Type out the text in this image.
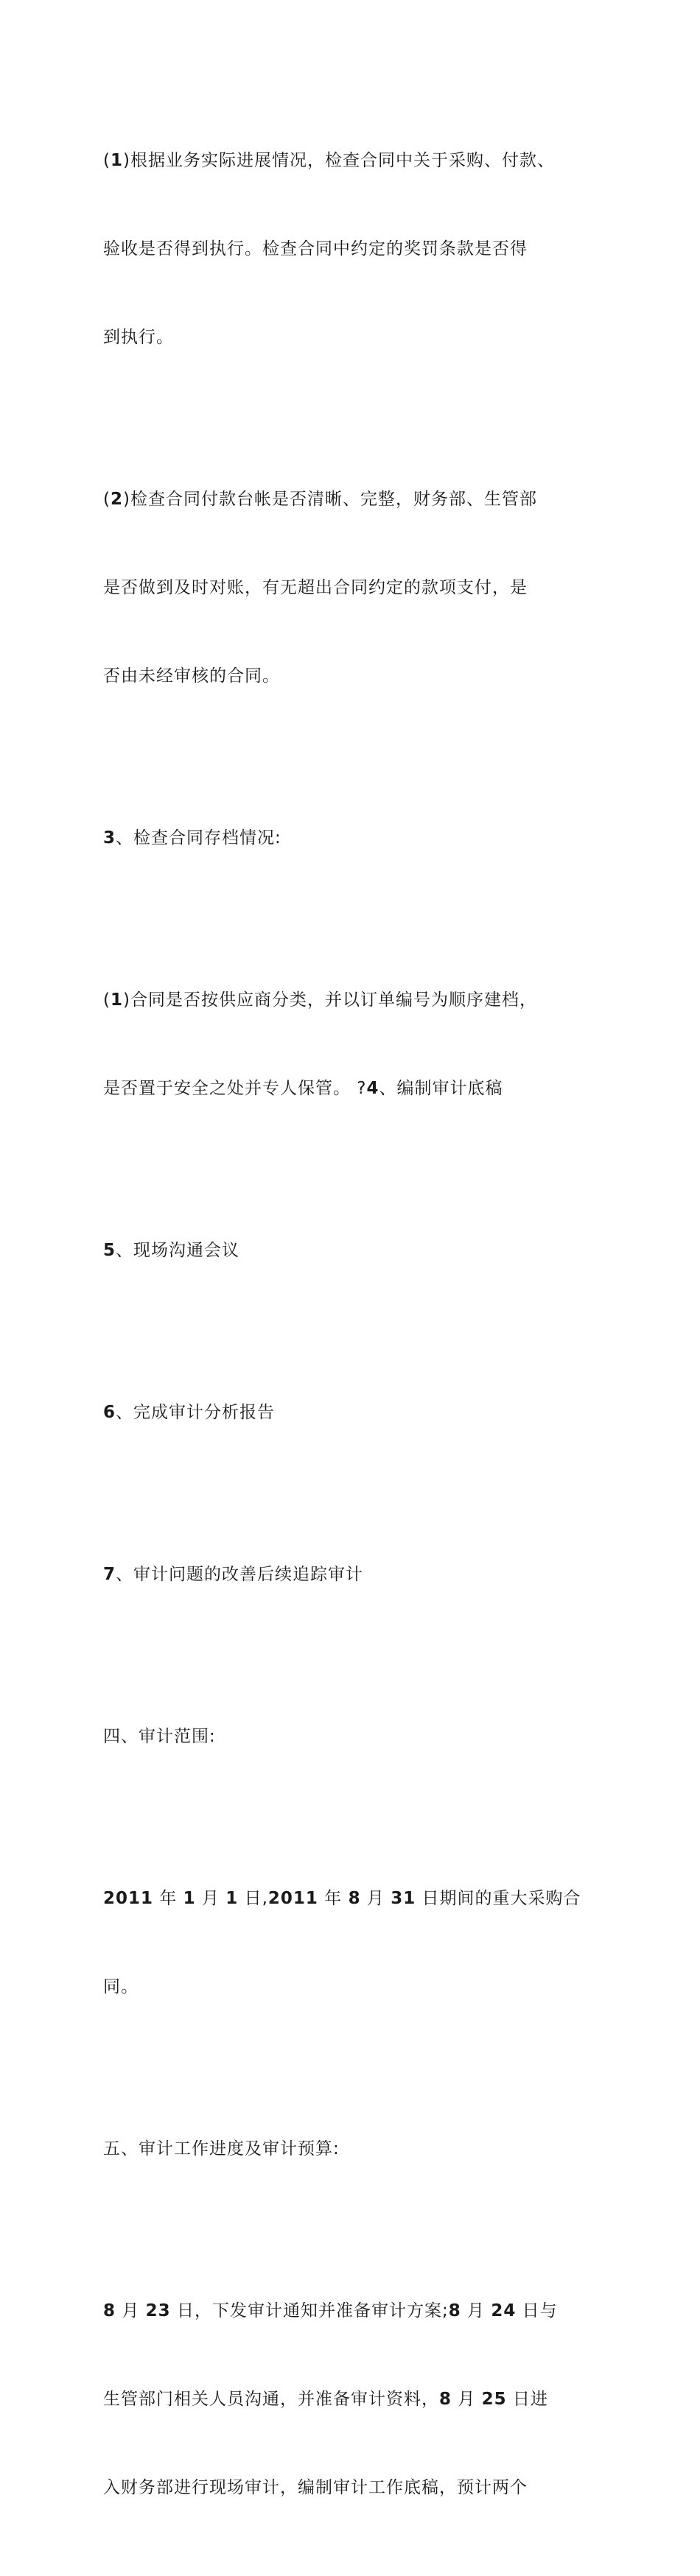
(1)根据业务实际进展情况，检查合同中关于采购、付款、

验收是否得到执行。检查合同中约定的奖罚条款是否得

到执行。

(2)检查合同付款台帐是否清晰、完整，财务部、生管部

是否做到及时对账，有无超出合同约定的款项支付，是

否由未经审核的合同。

3、检查合同存档情况:

(1)合同是否按供应商分类，并以订单编号为顺序建档，

是否置于安全之处并专人保管。 ?4、编制审计底稿

5、现场沟通会议

6、完成审计分析报告

7、审计问题的改善后续追踪审计

四、审计范围:

2011 年 1 月 1 日,2011 年 8 月 31 日期间的重大采购合

同。

五、审计工作进度及审计预算:

8 月 23 日，下发审计通知并准备审计方案;8 月 24 日与

生管部门相关人员沟通，并准备审计资料，8 月 25 日进

入财务部进行现场审计，编制审计工作底稿，预计两个
